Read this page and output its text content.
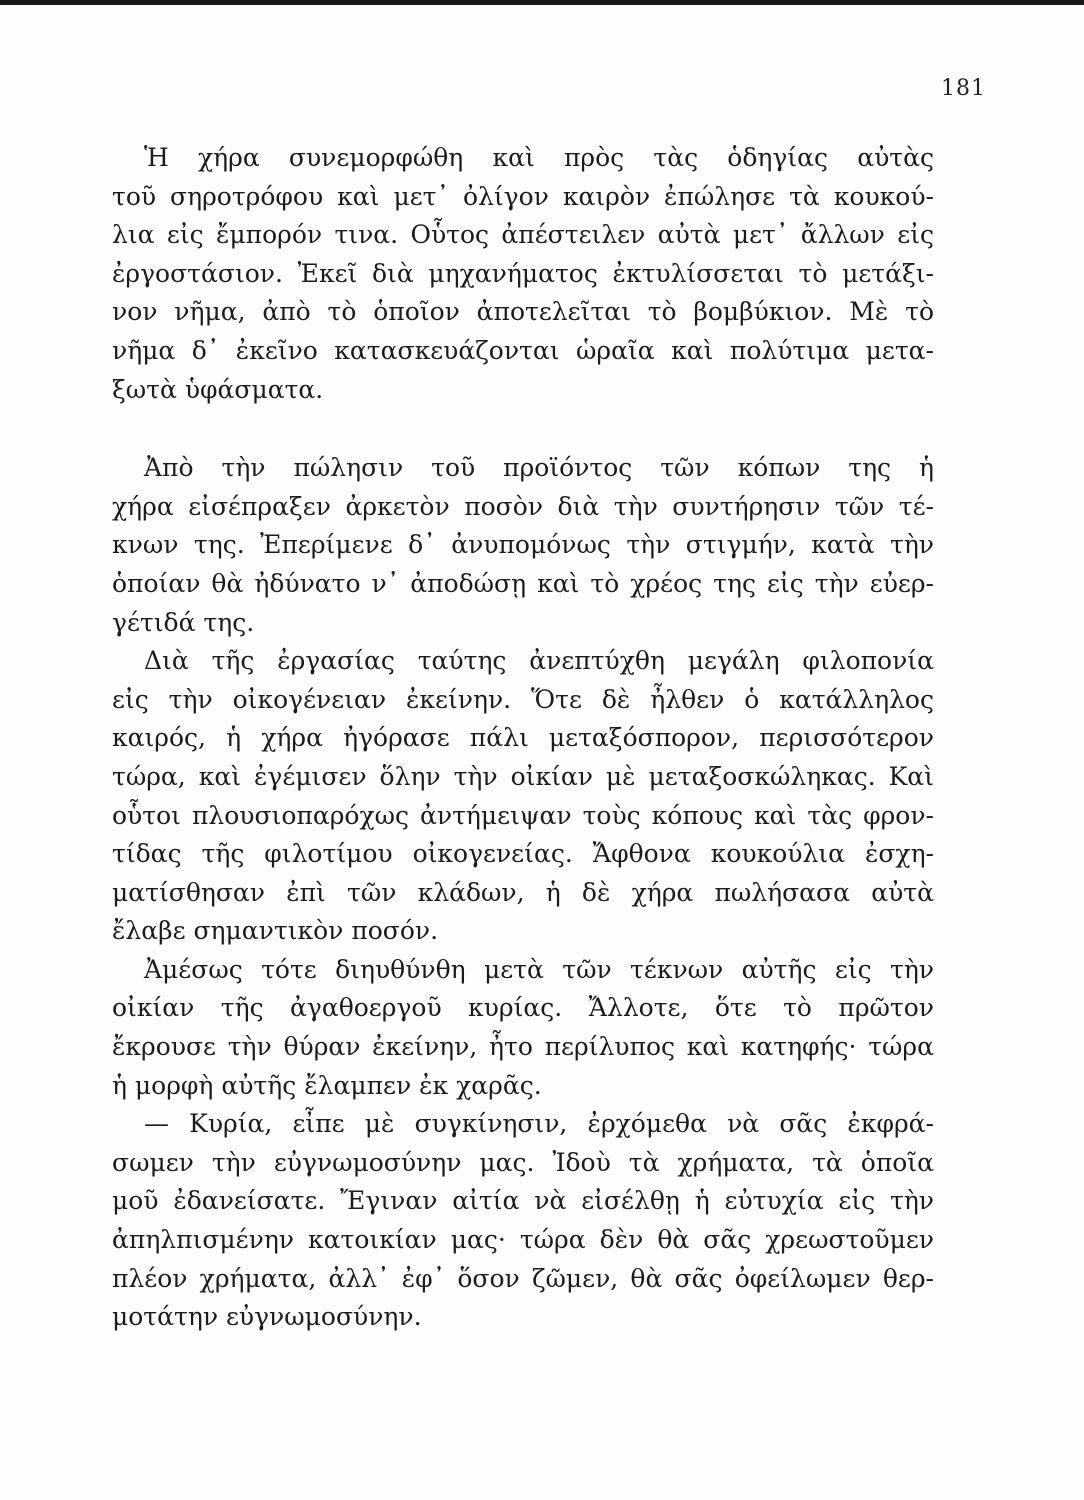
181
Ἡ χήρα συνεμορφώθη καὶ πρὸς τὰς ὁδηγίας αὐτὰς
τοῦ σηροτρόφου καὶ μετ᾽ ὀλίγον καιρὸν ἐπώλησε τὰ κουκού-
λια εἰς ἔμπορόν τινα. Οὗτος ἀπέστειλεν αὐτὰ μετ᾽ ἄλλων εἰς
ἐργοστάσιον. Ἐκεῖ διὰ μηχανήματος ἐκτυλίσσεται τὸ μετάξι-
νον νῆμα, ἀπὸ τὸ ὁποῖον ἀποτελεῖται τὸ βομβύκιον. Μὲ τὸ
νῆμα δ᾽ ἐκεῖνο κατασκευάζονται ὡραῖα καὶ πολύτιμα μετα-
ξωτὰ ὑφάσματα.
Ἀπὸ τὴν πώλησιν τοῦ προϊόντος τῶν κόπων της ἡ
χήρα εἰσέπραξεν ἀρκετὸν ποσὸν διὰ τὴν συντήρησιν τῶν τέ-
κνων της. Ἐπερίμενε δ᾽ ἀνυπομόνως τὴν στιγμήν, κατὰ τὴν
ὁποίαν θὰ ἠδύνατο ν᾽ ἀποδώσῃ καὶ τὸ χρέος της εἰς τὴν εὐερ-
γέτιδά της.
Διὰ τῆς ἐργασίας ταύτης ἀνεπτύχθη μεγάλη φιλοπονία
εἰς τὴν οἰκογένειαν ἐκείνην. Ὅτε δὲ ἦλθεν ὁ κατάλληλος
καιρός, ἡ χήρα ἠγόρασε πάλι μεταξόσπορον, περισσότερον
τώρα, καὶ ἐγέμισεν ὅλην τὴν οἰκίαν μὲ μεταξοσκώληκας. Καὶ
οὗτοι πλουσιοπαρόχως ἀντήμειψαν τοὺς κόπους καὶ τὰς φρον-
τίδας τῆς φιλοτίμου οἰκογενείας. Ἄφθονα κουκούλια ἐσχη-
ματίσθησαν ἐπὶ τῶν κλάδων, ἡ δὲ χήρα πωλήσασα αὐτὰ
ἔλαβε σημαντικὸν ποσόν.
Ἀμέσως τότε διηυθύνθη μετὰ τῶν τέκνων αὐτῆς εἰς τὴν
οἰκίαν τῆς ἀγαθοεργοῦ κυρίας. Ἄλλοτε, ὅτε τὸ πρῶτον
ἔκρουσε τὴν θύραν ἐκείνην, ἦτο περίλυπος καὶ κατηφής· τώρα
ἡ μορφὴ αὐτῆς ἔλαμπεν ἐκ χαρᾶς.
— Κυρία, εἶπε μὲ συγκίνησιν, ἐρχόμεθα νὰ σᾶς ἐκφρά-
σωμεν τὴν εὐγνωμοσύνην μας. Ἰδοὺ τὰ χρήματα, τὰ ὁποῖα
μοῦ ἐδανείσατε. Ἔγιναν αἰτία νὰ εἰσέλθῃ ἡ εὐτυχία εἰς τὴν
ἀπηλπισμένην κατοικίαν μας· τώρα δὲν θὰ σᾶς χρεωστοῦμεν
πλέον χρήματα, ἀλλ᾽ ἐφ᾽ ὅσον ζῶμεν, θὰ σᾶς ὀφείλωμεν θερ-
μοτάτην εὐγνωμοσύνην.
